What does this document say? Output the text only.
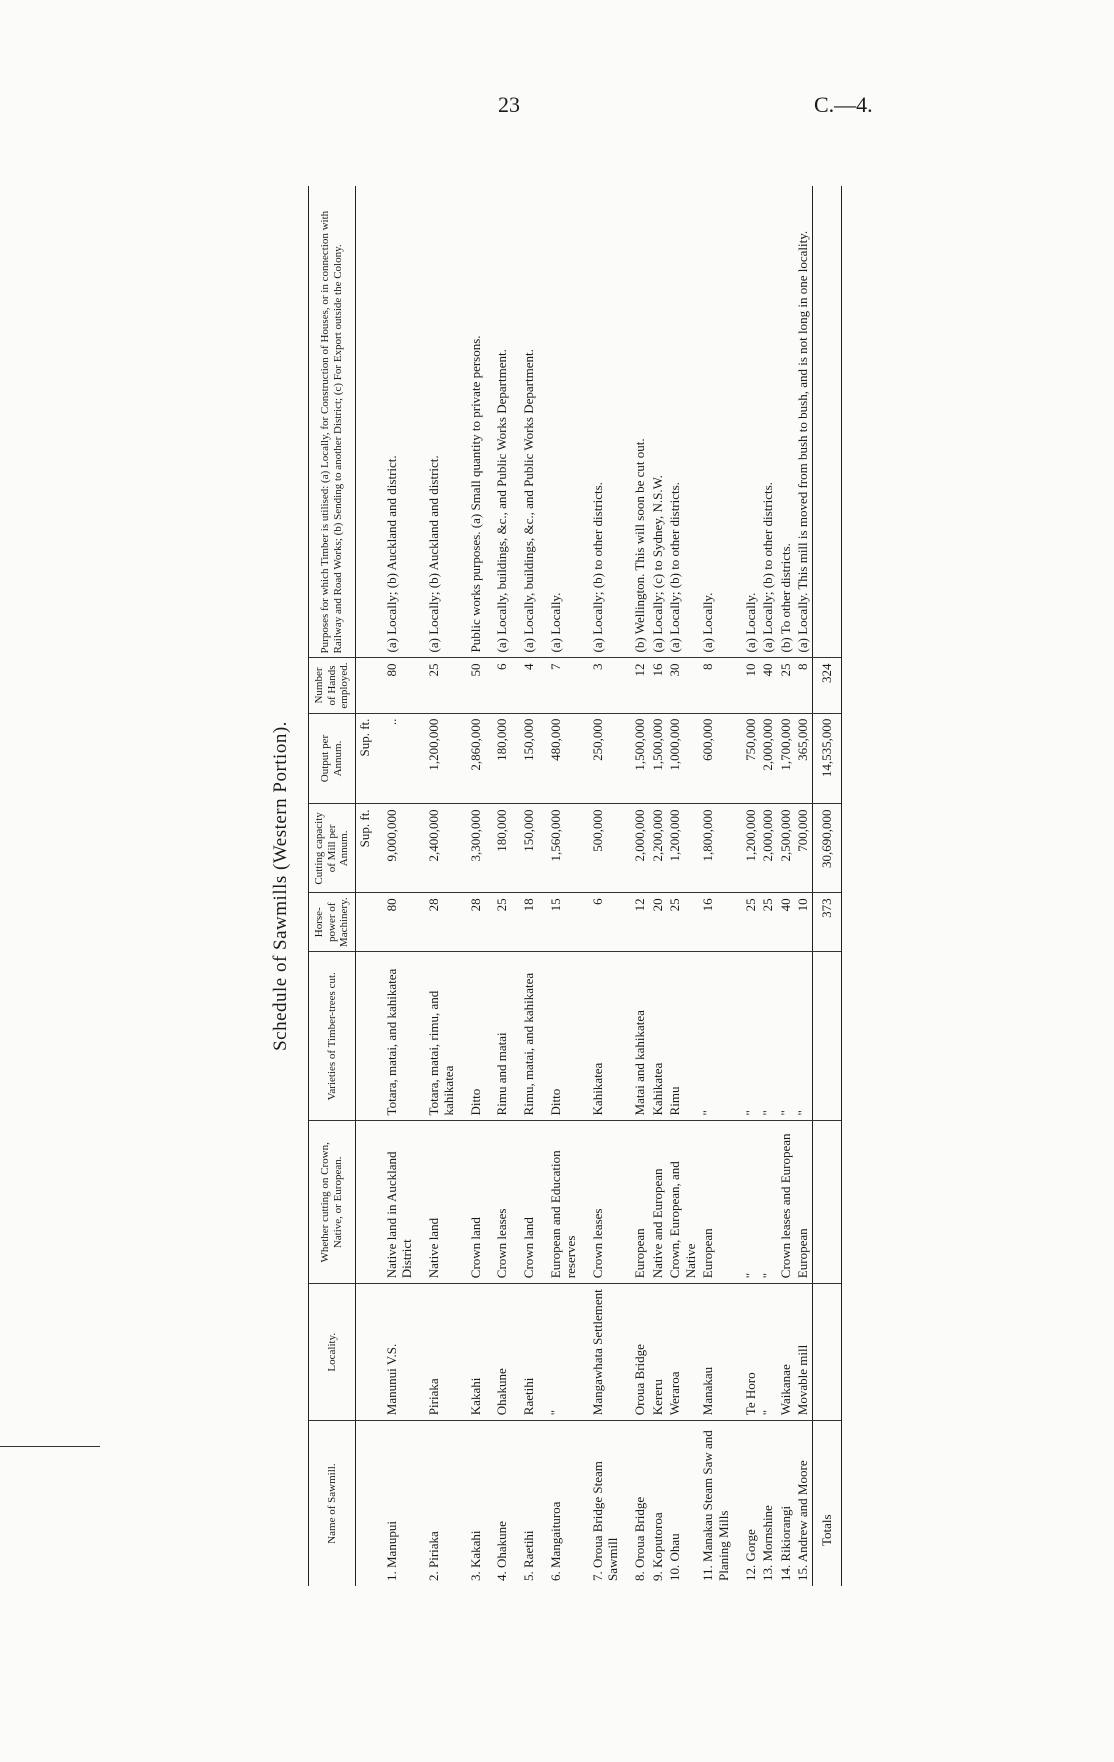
23	C.—4.
Schedule of Sawmills (Western Portion).
Name of Sawmill.	Locality.	Whether cutting on Crown, Native, or European.	Varieties of Timber-trees cut.	Horse-power of Machinery.	Cutting capacity of Mill per Annum.	Output per Annum.	Number of Hands employed.	Purposes for which Timber is utilised: (a) Locally, for Construction of Houses, or in connection with Railway and Road Works; (b) Sending to another District; (c) For Export outside the Colony.
					Sup. ft.	Sup. ft.		
1. Manupui	Manunui V.S.	Native land in Auckland District	Totara, matai, and kahikatea	80	9,000,000	..	80	(a) Locally; (b) Auckland and district.
2. Piriaka	Piriaka	Native land	Totara, matai, rimu, and kahikatea	28	2,400,000	1,200,000	25	(a) Locally; (b) Auckland and district.
3. Kakahi	Kakahi	Crown land	Ditto	28	3,300,000	2,860,000	50	Public works purposes. (a) Small quantity to private persons.
4. Ohakune	Ohakune	Crown leases	Rimu and matai	25	180,000	180,000	6	(a) Locally, buildings, &c., and Public Works Department.
5. Raetihi	Raetihi	Crown land	Rimu, matai, and kahikatea	18	150,000	150,000	4	(a) Locally, buildings, &c., and Public Works Department.
6. Mangaituroa	"	European and Education reserves	Ditto	15	1,560,000	480,000	7	(a) Locally.
7. Oroua Bridge Steam Sawmill	Mangawhata Settlement	Crown leases	Kahikatea	6	500,000	250,000	3	(a) Locally; (b) to other districts.
8. Oroua Bridge	Oroua Bridge	European	Matai and kahikatea	12	2,000,000	1,500,000	12	(b) Wellington. This will soon be cut out.
9. Koputoroa	Kereru	Native and European	Kahikatea	20	2,200,000	1,500,000	16	(a) Locally; (c) to Sydney, N.S.W.
10. Ohau	Weraroa	Crown, European, and Native	Rimu	25	1,200,000	1,000,000	30	(a) Locally; (b) to other districts.
11. Manakau Steam Saw and Planing Mills	Manakau	European	"	16	1,800,000	600,000	8	(a) Locally.
12. Gorge	Te Horo	"	"	25	1,200,000	750,000	10	(a) Locally.
13. Mornshine	"	"	"	25	2,000,000	2,000,000	40	(a) Locally; (b) to other districts.
14. Rikiorangi	Waikanae	Crown leases and European	"	40	2,500,000	1,700,000	25	(b) To other districts.
15. Andrew and Moore	Movable mill	European	"	10	700,000	365,000	8	(a) Locally. This mill is moved from bush to bush, and is not long in one locality.
Totals				373	30,690,000	14,535,000	324	
